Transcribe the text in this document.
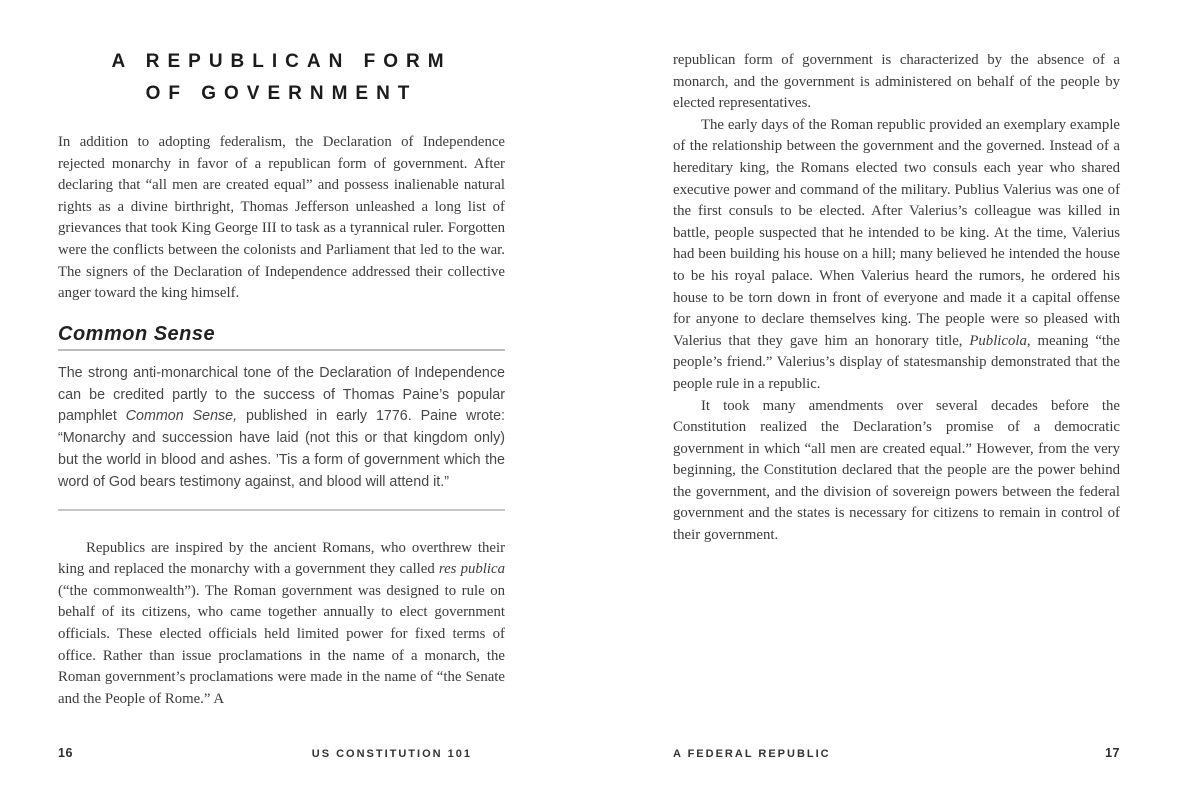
A REPUBLICAN FORM
OF GOVERNMENT

In addition to adopting federalism, the Declaration of Independence rejected monarchy in favor of a republican form of government. After declaring that “all men are created equal” and possess inalienable natural rights as a divine birthright, Thomas Jefferson unleashed a long list of grievances that took King George III to task as a tyrannical ruler. Forgotten were the conflicts between the colonists and Parliament that led to the war. The signers of the Declaration of Independence addressed their collective anger toward the king himself.

Common Sense

The strong anti-monarchical tone of the Declaration of Independence can be credited partly to the success of Thomas Paine’s popular pamphlet Common Sense, published in early 1776. Paine wrote: “Monarchy and succession have laid (not this or that kingdom only) but the world in blood and ashes. ’Tis a form of government which the word of God bears testimony against, and blood will attend it.”

Republics are inspired by the ancient Romans, who overthrew their king and replaced the monarchy with a government they called res publica (“the commonwealth”). The Roman government was designed to rule on behalf of its citizens, who came together annually to elect government officials. These elected officials held limited power for fixed terms of office. Rather than issue proclamations in the name of a monarch, the Roman government’s proclamations were made in the name of “the Senate and the People of Rome.” A

16	US CONSTITUTION 101

republican form of government is characterized by the absence of a monarch, and the government is administered on behalf of the people by elected representatives.

The early days of the Roman republic provided an exemplary example of the relationship between the government and the governed. Instead of a hereditary king, the Romans elected two consuls each year who shared executive power and command of the military. Publius Valerius was one of the first consuls to be elected. After Valerius’s colleague was killed in battle, people suspected that he intended to be king. At the time, Valerius had been building his house on a hill; many believed he intended the house to be his royal palace. When Valerius heard the rumors, he ordered his house to be torn down in front of everyone and made it a capital offense for anyone to declare themselves king. The people were so pleased with Valerius that they gave him an honorary title, Publicola, meaning “the people’s friend.” Valerius’s display of statesmanship demonstrated that the people rule in a republic.

It took many amendments over several decades before the Constitution realized the Declaration’s promise of a democratic government in which “all men are created equal.” However, from the very beginning, the Constitution declared that the people are the power behind the government, and the division of sovereign powers between the federal government and the states is necessary for citizens to remain in control of their government.

A FEDERAL REPUBLIC	17
